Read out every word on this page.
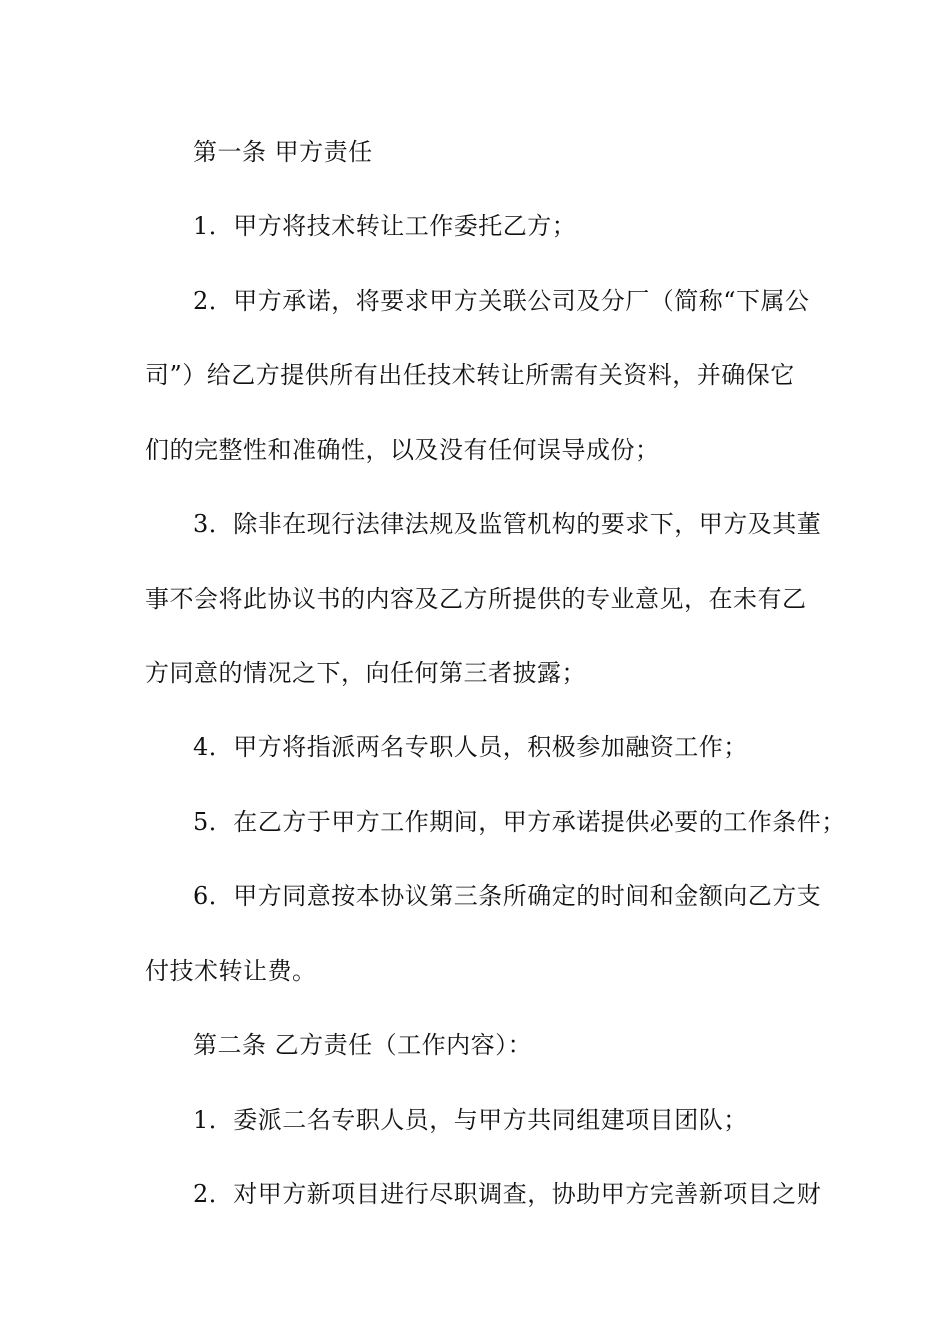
第一条 甲方责任
1．甲方将技术转让工作委托乙方；
2．甲方承诺，将要求甲方关联公司及分厂（简称“下属公
司”）给乙方提供所有出任技术转让所需有关资料，并确保它
们的完整性和准确性，以及没有任何误导成份；
3．除非在现行法律法规及监管机构的要求下，甲方及其董
事不会将此协议书的内容及乙方所提供的专业意见，在未有乙
方同意的情况之下，向任何第三者披露；
4．甲方将指派两名专职人员，积极参加融资工作；
5．在乙方于甲方工作期间，甲方承诺提供必要的工作条件；
6．甲方同意按本协议第三条所确定的时间和金额向乙方支
付技术转让费。
第二条 乙方责任（工作内容）：
1．委派二名专职人员，与甲方共同组建项目团队；
2．对甲方新项目进行尽职调查，协助甲方完善新项目之财
